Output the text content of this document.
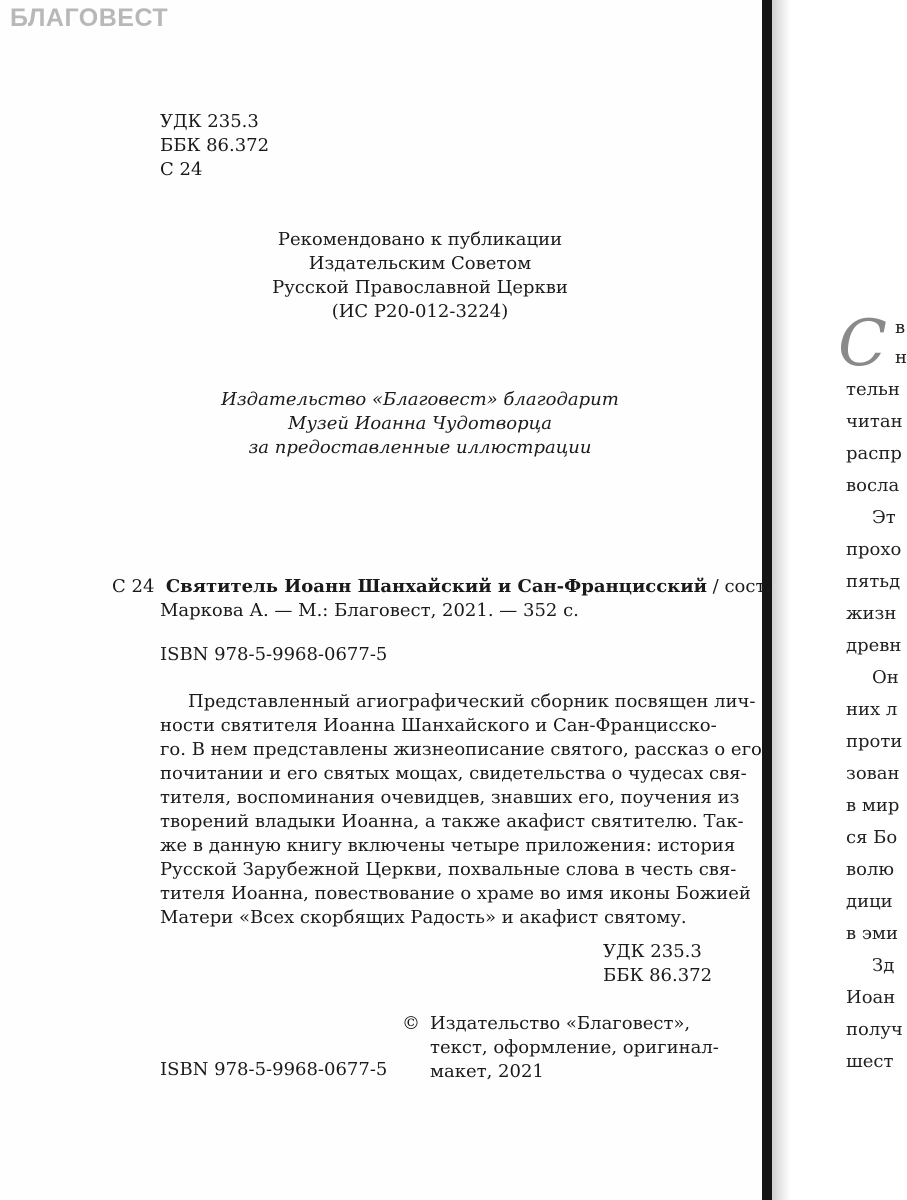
БЛАГОВЕСТ
УДК 235.3
ББК 86.372
С 24
Рекомендовано к публикации
Издательским Советом
Русской Православной Церкви
(ИС Р20-012-3224)
Издательство «Благовест» благодарит
Музей Иоанна Чудотворца
за предоставленные иллюстрации
С 24 Святитель Иоанн Шанхайский и Сан-Францисский / сост.
Маркова А. — М.: Благовест, 2021. — 352 с.
ISBN 978-5-9968-0677-5
Представленный агиографический сборник посвящен лич-
ности святителя Иоанна Шанхайского и Сан-Францисско-
го. В нем представлены жизнеописание святого, рассказ о его
почитании и его святых мощах, свидетельства о чудесах свя-
тителя, воспоминания очевидцев, знавших его, поучения из
творений владыки Иоанна, а также акафист святителю. Так-
же в данную книгу включены четыре приложения: история
Русской Зарубежной Церкви, похвальные слова в честь свя-
тителя Иоанна, повествование о храме во имя иконы Божией
Матери «Всех скорбящих Радость» и акафист святому.
УДК 235.3
ББК 86.372
© Издательство «Благовест»,
текст, оформление, оригинал-
макет, 2021
ISBN 978-5-9968-0677-5
С в
н
тельн
читан
распр
восла
Эт
прохо
пятьд
жизн
древн
Он
них л
проти
зован
в мир
ся Бо
волю
дици
в эми
Зд
Иоан
получ
шест
